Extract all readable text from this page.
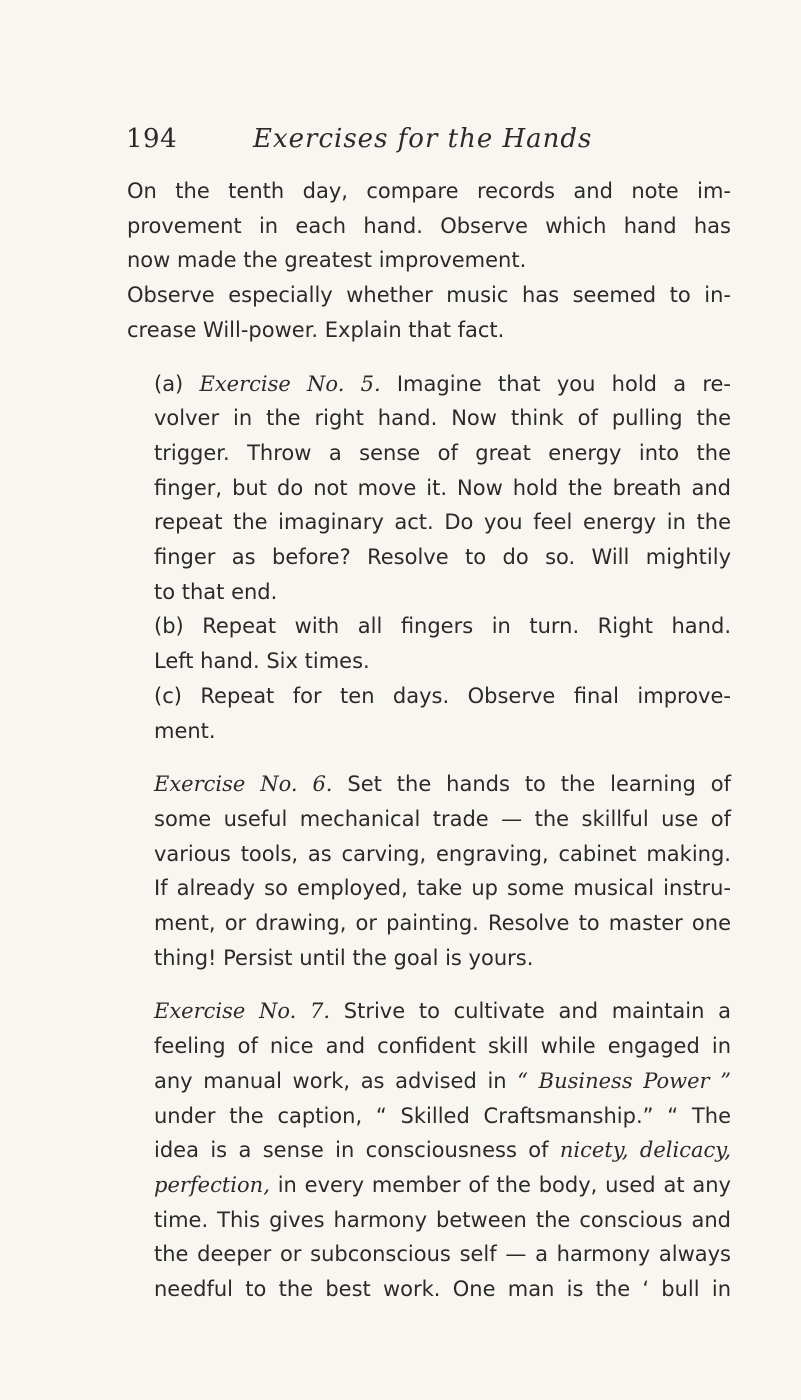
194	Exercises for the Hands

On the tenth day, compare records and note im-
provement in each hand. Observe which hand has
now made the greatest improvement.

Observe especially whether music has seemed to in-
crease Will-power. Explain that fact.

(a) Exercise No. 5. Imagine that you hold a re-
volver in the right hand. Now think of pulling the
trigger. Throw a sense of great energy into the
finger, but do not move it. Now hold the breath and
repeat the imaginary act. Do you feel energy in the
finger as before? Resolve to do so. Will mightily
to that end.

(b) Repeat with all fingers in turn. Right hand.
Left hand. Six times.

(c) Repeat for ten days. Observe final improve-
ment.

Exercise No. 6. Set the hands to the learning of
some useful mechanical trade — the skillful use of
various tools, as carving, engraving, cabinet making.
If already so employed, take up some musical instru-
ment, or drawing, or painting. Resolve to master one
thing! Persist until the goal is yours.

Exercise No. 7. Strive to cultivate and maintain a
feeling of nice and confident skill while engaged in
any manual work, as advised in “ Business Power ”
under the caption, “ Skilled Craftsmanship.” “ The
idea is a sense in consciousness of nicety, delicacy,
perfection, in every member of the body, used at any
time. This gives harmony between the conscious and
the deeper or subconscious self — a harmony always
needful to the best work. One man is the ‘ bull in
